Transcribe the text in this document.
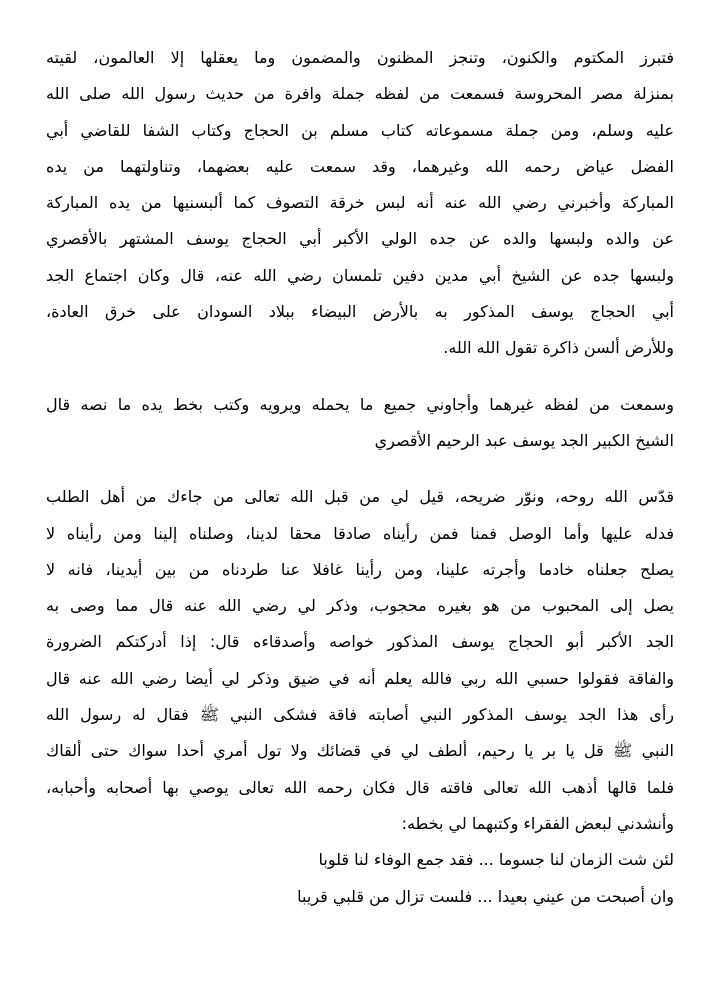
فتبرز المكتوم والكنون، وتنجز المظنون والمضمون وما يعقلها إلا العالمون، لقيته
بمنزلة مصر المحروسة فسمعت من لفظه جملة وافرة من حديث رسول الله صلى الله
عليه وسلم، ومن جملة مسموعاته كتاب مسلم بن الحجاج وكتاب الشفا للقاضي أبي
الفضل عياض رحمه الله وغيرهما، وقد سمعت عليه بعضهما، وتناولتهما من يده
المباركة وأخبرني رضي الله عنه أنه لبس خرقة التصوف كما ألبسنيها من يده المباركة
عن والده ولبسها والده عن جده الولي الأكبر أبي الحجاج يوسف المشتهر بالأقصري
ولبسها جده عن الشيخ أبي مدين دفين تلمسان رضي الله عنه، قال وكان اجتماع الجد
أبي الحجاج يوسف المذكور به بالأرض البيضاء ببلاد السودان على خرق العادة،
وللأرض ألسن ذاكرة تقول الله الله.
وسمعت من لفظه غيرهما وأجاوني جميع ما يحمله ويرويه وكتب بخط يده ما نصه قال
الشيخ الكبير الجد يوسف عبد الرحيم الأقصري
قدّس الله روحه، ونوّر ضريحه، قيل لي من قبل الله تعالى من جاءك من أهل الطلب
فدله عليها وأما الوصل فمنا فمن رأيناه صادقا محقا لدينا، وصلناه إلينا ومن رأيناه لا
يصلح جعلناه خادما وأجرته علينا، ومن رأينا غافلا عنا طردناه من بين أيدينا، فانه لا
يصل إلى المحبوب من هو بغيره محجوب، وذكر لي رضي الله عنه قال مما وصى به
الجد الأكبر أبو الحجاج يوسف المذكور خواصه وأصدقاءه قال: إذا أدركتكم الضرورة
والفاقة فقولوا حسبي الله ربي فالله يعلم أنه في ضيق وذكر لي أيضا رضي الله عنه قال
رأى هذا الجد يوسف المذكور النبي أصابته فاقة فشكى النبي ﷺ فقال له رسول الله
النبي ﷺ قل يا بر يا رحيم، ألطف لي في قضائك ولا تول أمري أحدا سواك حتى ألقاك
فلما قالها أذهب الله تعالى فاقته قال فكان رحمه الله تعالى يوصي بها أصحابه وأحبابه،
وأنشدني لبعض الفقراء وكتبهما لي بخطه:
لئن شت الزمان لنا جسوما ... فقد جمع الوفاء لنا قلوبا
وان أصبحت من عيني بعيدا ... فلست تزال من قلبي قريبا
